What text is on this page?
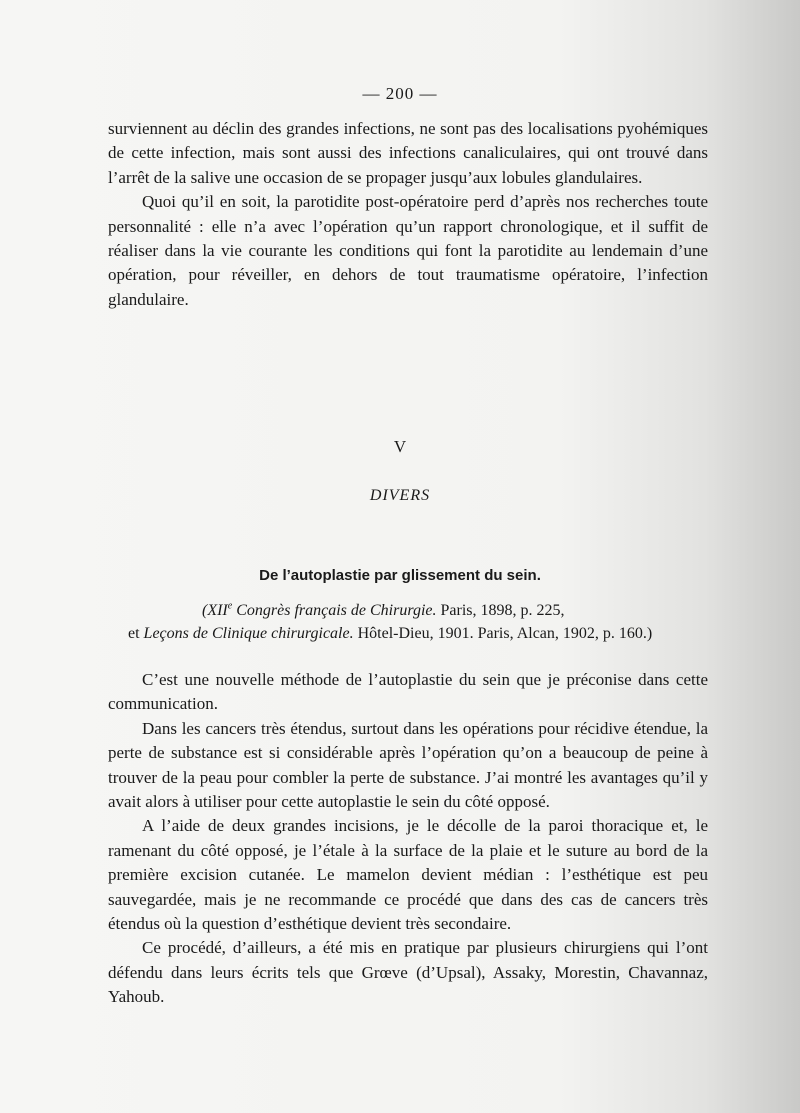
— 200 —

surviennent au déclin des grandes infections, ne sont pas des localisations pyohémiques de cette infection, mais sont aussi des infections canaliculaires, qui ont trouvé dans l’arrêt de la salive une occasion de se propager jusqu’aux lobules glandulaires.

Quoi qu’il en soit, la parotidite post-opératoire perd d’après nos recherches toute personnalité : elle n’a avec l’opération qu’un rapport chronologique, et il suffit de réaliser dans la vie courante les conditions qui font la parotidite au lendemain d’une opération, pour réveiller, en dehors de tout traumatisme opératoire, l’infection glandulaire.

V
DIVERS
De l’autoplastie par glissement du sein.
(XIIe Congrès français de Chirurgie. Paris, 1898, p. 225,
et Leçons de Clinique chirurgicale. Hôtel-Dieu, 1901. Paris, Alcan, 1902, p. 160.)

C’est une nouvelle méthode de l’autoplastie du sein que je préconise dans cette communication.

Dans les cancers très étendus, surtout dans les opérations pour récidive étendue, la perte de substance est si considérable après l’opération qu’on a beaucoup de peine à trouver de la peau pour combler la perte de substance. J’ai montré les avantages qu’il y avait alors à utiliser pour cette autoplastie le sein du côté opposé.

A l’aide de deux grandes incisions, je le décolle de la paroi thoracique et, le ramenant du côté opposé, je l’étale à la surface de la plaie et le suture au bord de la première excision cutanée. Le mamelon devient médian : l’esthétique est peu sauvegardée, mais je ne recommande ce procédé que dans des cas de cancers très étendus où la question d’esthétique devient très secondaire.

Ce procédé, d’ailleurs, a été mis en pratique par plusieurs chirurgiens qui l’ont défendu dans leurs écrits tels que Grœve (d’Upsal), Assaky, Morestin, Chavannaz, Yahoub.
